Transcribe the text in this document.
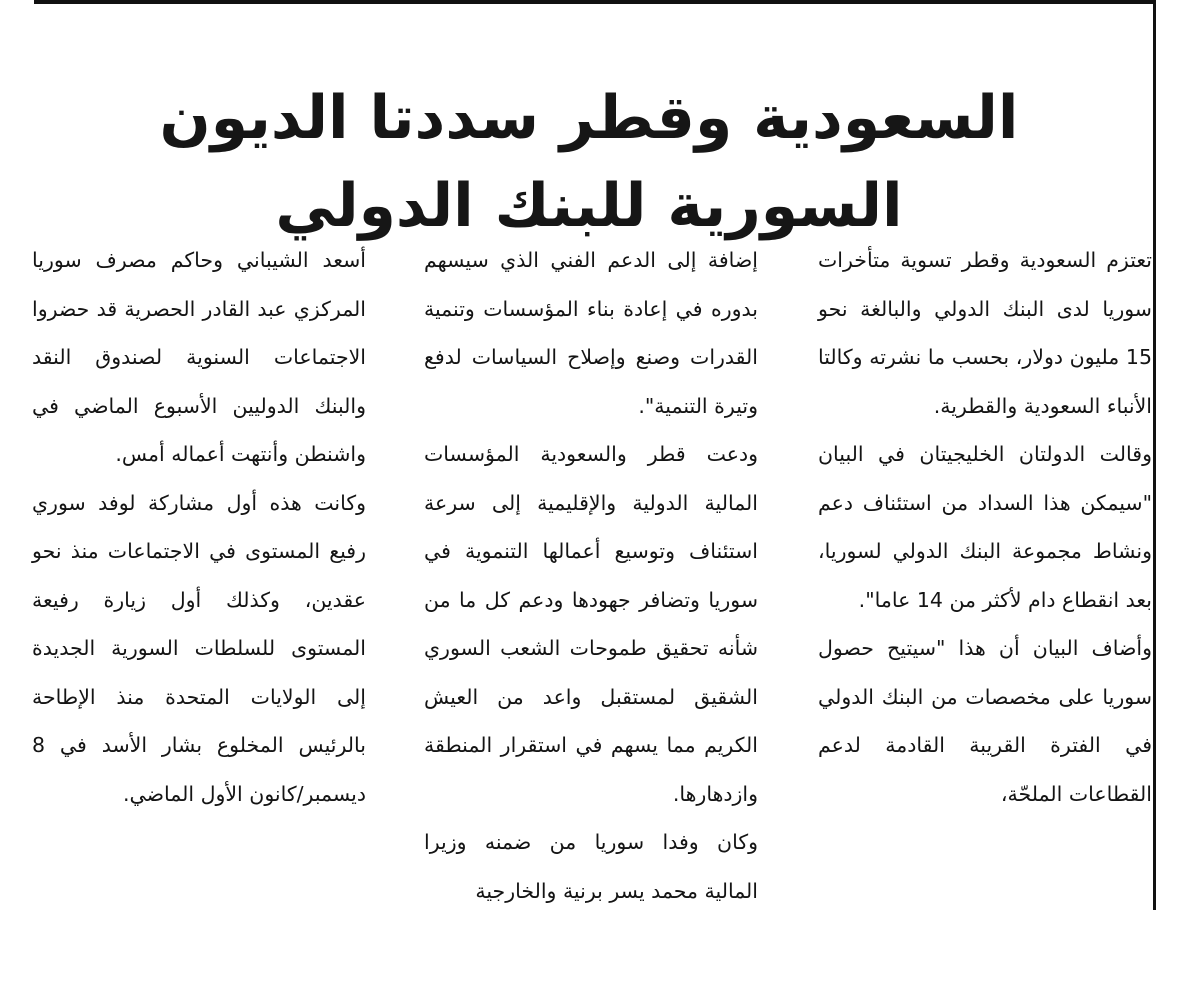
السعودية وقطر سددتا الديون
السورية للبنك الدولي

تعتزم السعودية وقطر تسوية متأخرات سوريا لدى البنك الدولي والبالغة نحو 15 مليون دولار، بحسب ما نشرته وكالتا الأنباء السعودية والقطرية.

وقالت الدولتان الخليجيتان في البيان "سيمكن هذا السداد من استئناف دعم ونشاط مجموعة البنك الدولي لسوريا، بعد انقطاع دام لأكثر من 14 عاما".

وأضاف البيان أن هذا "سيتيح حصول سوريا على مخصصات من البنك الدولي في الفترة القريبة القادمة لدعم القطاعات الملحّة،

إضافة إلى الدعم الفني الذي سيسهم بدوره في إعادة بناء المؤسسات وتنمية القدرات وصنع وإصلاح السياسات لدفع وتيرة التنمية".

ودعت قطر والسعودية المؤسسات المالية الدولية والإقليمية إلى سرعة استئناف وتوسيع أعمالها التنموية في سوريا وتضافر جهودها ودعم كل ما من شأنه تحقيق طموحات الشعب السوري الشقيق لمستقبل واعد من العيش الكريم مما يسهم في استقرار المنطقة وازدهارها.

وكان وفدا سوريا من ضمنه وزيرا المالية محمد يسر برنية والخارجية

أسعد الشيباني وحاكم مصرف سوريا المركزي عبد القادر الحصرية قد حضروا الاجتماعات السنوية لصندوق النقد والبنك الدوليين الأسبوع الماضي في واشنطن وأنتهت أعماله أمس.

وكانت هذه أول مشاركة لوفد سوري رفيع المستوى في الاجتماعات منذ نحو عقدين، وكذلك أول زيارة رفيعة المستوى للسلطات السورية الجديدة إلى الولايات المتحدة منذ الإطاحة بالرئيس المخلوع بشار الأسد في 8 ديسمبر/كانون الأول الماضي.
